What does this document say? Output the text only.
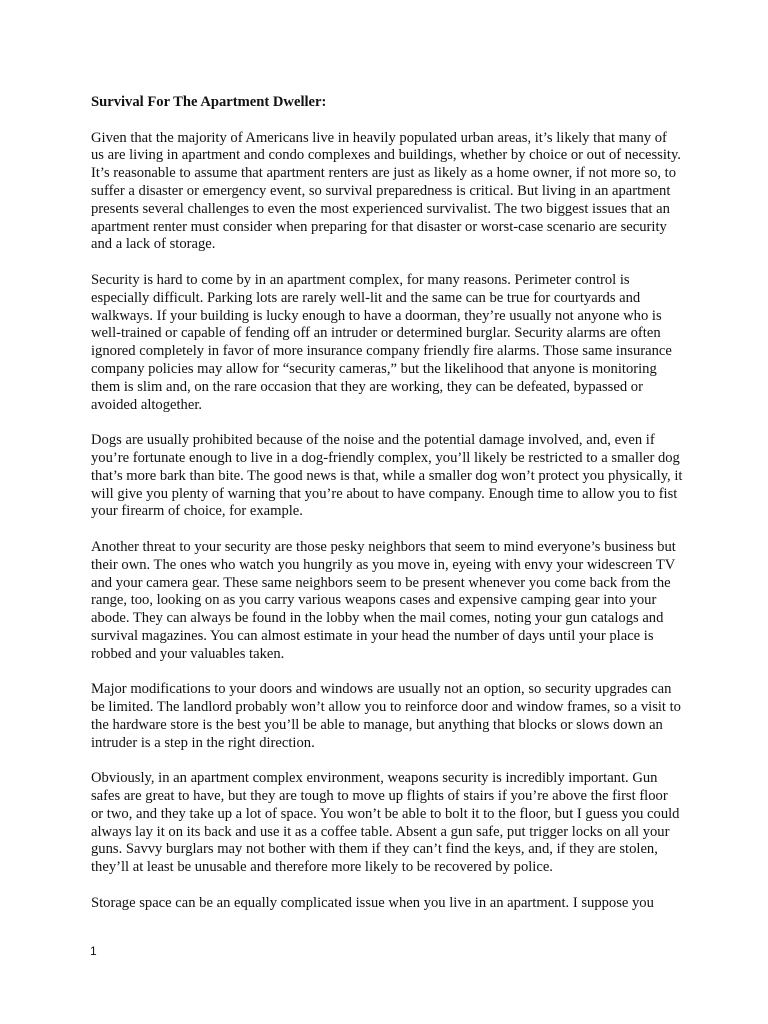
Survival For The Apartment Dweller:

Given that the majority of Americans live in heavily populated urban areas, it’s likely that many of us are living in apartment and condo complexes and buildings, whether by choice or out of necessity. It’s reasonable to assume that apartment renters are just as likely as a home owner, if not more so, to suffer a disaster or emergency event, so survival preparedness is critical. But living in an apartment presents several challenges to even the most experienced survivalist. The two biggest issues that an apartment renter must consider when preparing for that disaster or worst-case scenario are security and a lack of storage.

Security is hard to come by in an apartment complex, for many reasons. Perimeter control is especially difficult. Parking lots are rarely well-lit and the same can be true for courtyards and walkways. If your building is lucky enough to have a doorman, they’re usually not anyone who is well-trained or capable of fending off an intruder or determined burglar. Security alarms are often ignored completely in favor of more insurance company friendly fire alarms. Those same insurance company policies may allow for “security cameras,” but the likelihood that anyone is monitoring them is slim and, on the rare occasion that they are working, they can be defeated, bypassed or avoided altogether.

Dogs are usually prohibited because of the noise and the potential damage involved, and, even if you’re fortunate enough to live in a dog-friendly complex, you’ll likely be restricted to a smaller dog that’s more bark than bite. The good news is that, while a smaller dog won’t protect you physically, it will give you plenty of warning that you’re about to have company. Enough time to allow you to fist your firearm of choice, for example.

Another threat to your security are those pesky neighbors that seem to mind everyone’s business but their own. The ones who watch you hungrily as you move in, eyeing with envy your widescreen TV and your camera gear. These same neighbors seem to be present whenever you come back from the range, too, looking on as you carry various weapons cases and expensive camping gear into your abode. They can always be found in the lobby when the mail comes, noting your gun catalogs and survival magazines. You can almost estimate in your head the number of days until your place is robbed and your valuables taken.

Major modifications to your doors and windows are usually not an option, so security upgrades can be limited. The landlord probably won’t allow you to reinforce door and window frames, so a visit to the hardware store is the best you’ll be able to manage, but anything that blocks or slows down an intruder is a step in the right direction.

Obviously, in an apartment complex environment, weapons security is incredibly important. Gun safes are great to have, but they are tough to move up flights of stairs if you’re above the first floor or two, and they take up a lot of space. You won’t be able to bolt it to the floor, but I guess you could always lay it on its back and use it as a coffee table. Absent a gun safe, put trigger locks on all your guns. Savvy burglars may not bother with them if they can’t find the keys, and, if they are stolen, they’ll at least be unusable and therefore more likely to be recovered by police.

Storage space can be an equally complicated issue when you live in an apartment. I suppose you

1
